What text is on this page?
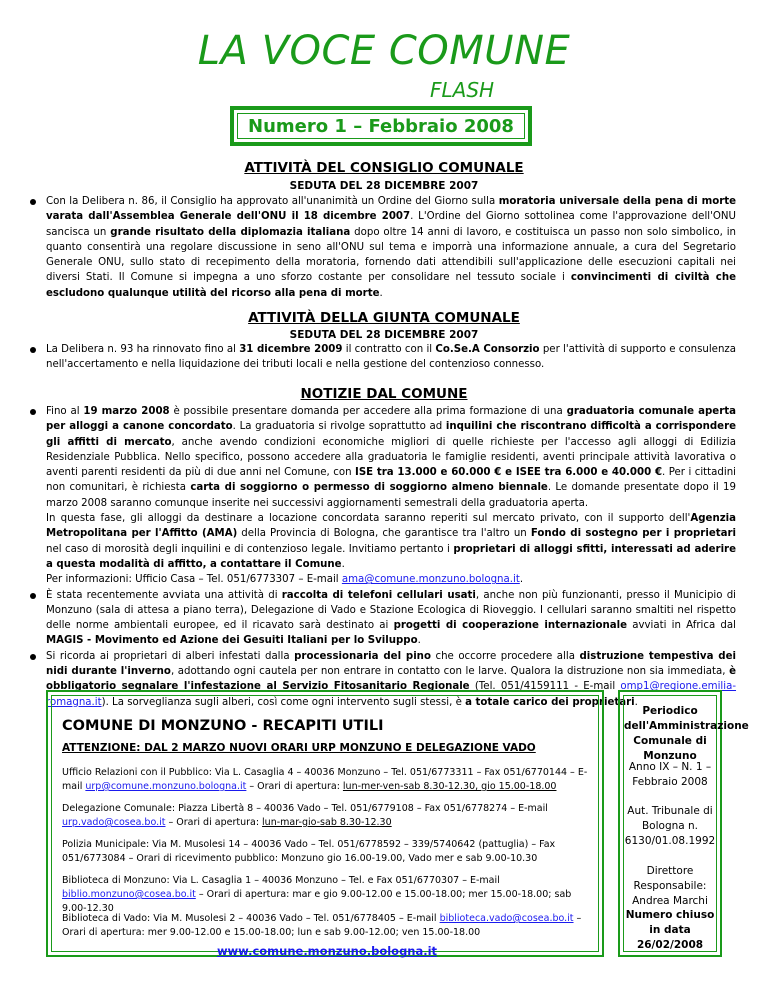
LA VOCE COMUNE
FLASH
Numero 1 – Febbraio 2008
ATTIVITÀ DEL CONSIGLIO COMUNALE
SEDUTA DEL 28 DICEMBRE 2007

Con la Delibera n. 86, il Consiglio ha approvato all'unanimità un Ordine del Giorno sulla moratoria universale della pena di morte varata dall'Assemblea Generale dell'ONU il 18 dicembre 2007. L'Ordine del Giorno sottolinea come l'approvazione dell'ONU sancisca un grande risultato della diplomazia italiana dopo oltre 14 anni di lavoro, e costituisca un passo non solo simbolico, in quanto consentirà una regolare discussione in seno all'ONU sul tema e imporrà una informazione annuale, a cura del Segretario Generale ONU, sullo stato di recepimento della moratoria, fornendo dati attendibili sull'applicazione delle esecuzioni capitali nei diversi Stati. Il Comune si impegna a uno sforzo costante per consolidare nel tessuto sociale i convincimenti di civiltà che escludono qualunque utilità del ricorso alla pena di morte.

ATTIVITÀ DELLA GIUNTA COMUNALE
SEDUTA DEL 28 DICEMBRE 2007

La Delibera n. 93 ha rinnovato fino al 31 dicembre 2009 il contratto con il Co.Se.A Consorzio per l'attività di supporto e consulenza nell'accertamento e nella liquidazione dei tributi locali e nella gestione del contenzioso connesso.

NOTIZIE DAL COMUNE

Fino al 19 marzo 2008 è possibile presentare domanda per accedere alla prima formazione di una graduatoria comunale aperta per alloggi a canone concordato. La graduatoria si rivolge soprattutto ad inquilini che riscontrano difficoltà a corrispondere gli affitti di mercato, anche avendo condizioni economiche migliori di quelle richieste per l'accesso agli alloggi di Edilizia Residenziale Pubblica. Nello specifico, possono accedere alla graduatoria le famiglie residenti, aventi principale attività lavorativa o aventi parenti residenti da più di due anni nel Comune, con ISE tra 13.000 e 60.000 € e ISEE tra 6.000 e 40.000 €. Per i cittadini non comunitari, è richiesta carta di soggiorno o permesso di soggiorno almeno biennale. Le domande presentate dopo il 19 marzo 2008 saranno comunque inserite nei successivi aggiornamenti semestrali della graduatoria aperta.
In questa fase, gli alloggi da destinare a locazione concordata saranno reperiti sul mercato privato, con il supporto dell'Agenzia Metropolitana per l'Affitto (AMA) della Provincia di Bologna, che garantisce tra l'altro un Fondo di sostegno per i proprietari nel caso di morosità degli inquilini e di contenzioso legale. Invitiamo pertanto i proprietari di alloggi sfitti, interessati ad aderire a questa modalità di affitto, a contattare il Comune.
Per informazioni: Ufficio Casa – Tel. 051/6773307 – E-mail ama@comune.monzuno.bologna.it.

È stata recentemente avviata una attività di raccolta di telefoni cellulari usati, anche non più funzionanti, presso il Municipio di Monzuno (sala di attesa a piano terra), Delegazione di Vado e Stazione Ecologica di Rioveggio. I cellulari saranno smaltiti nel rispetto delle norme ambientali europee, ed il ricavato sarà destinato ai progetti di cooperazione internazionale avviati in Africa dal MAGIS - Movimento ed Azione dei Gesuiti Italiani per lo Sviluppo.

Si ricorda ai proprietari di alberi infestati dalla processionaria del pino che occorre procedere alla distruzione tempestiva dei nidi durante l'inverno, adottando ogni cautela per non entrare in contatto con le larve. Qualora la distruzione non sia immediata, è obbligatorio segnalare l'infestazione al Servizio Fitosanitario Regionale (Tel. 051/4159111 - E-mail omp1@regione.emilia-romagna.it). La sorveglianza sugli alberi, così come ogni intervento sugli stessi, è a totale carico dei proprietari.

COMUNE DI MONZUNO - RECAPITI UTILI
ATTENZIONE: DAL 2 MARZO NUOVI ORARI URP MONZUNO E DELEGAZIONE VADO
Ufficio Relazioni con il Pubblico: Via L. Casaglia 4 – 40036 Monzuno – Tel. 051/6773311 – Fax 051/6770144 – E-mail urp@comune.monzuno.bologna.it – Orari di apertura: lun-mer-ven-sab 8.30-12.30, gio 15.00-18.00
Delegazione Comunale: Piazza Libertà 8 – 40036 Vado – Tel. 051/6779108 – Fax 051/6778274 – E-mail urp.vado@cosea.bo.it – Orari di apertura: lun-mar-gio-sab 8.30-12.30
Polizia Municipale: Via M. Musolesi 14 – 40036 Vado – Tel. 051/6778592 – 339/5740642 (pattuglia) – Fax 051/6773084 – Orari di ricevimento pubblico: Monzuno gio 16.00-19.00, Vado mer e sab 9.00-10.30
Biblioteca di Monzuno: Via L. Casaglia 1 – 40036 Monzuno – Tel. e Fax 051/6770307 – E-mail biblio.monzuno@cosea.bo.it – Orari di apertura: mar e gio 9.00-12.00 e 15.00-18.00; mer 15.00-18.00; sab 9.00-12.30
Biblioteca di Vado: Via M. Musolesi 2 – 40036 Vado – Tel. 051/6778405 – E-mail biblioteca.vado@cosea.bo.it – Orari di apertura: mer 9.00-12.00 e 15.00-18.00; lun e sab 9.00-12.00; ven 15.00-18.00
www.comune.monzuno.bologna.it
Periodico dell'Amministrazione Comunale di Monzuno
Anno IX – N. 1 – Febbraio 2008
Aut. Tribunale di Bologna n. 6130/01.08.1992
Direttore Responsabile: Andrea Marchi
Numero chiuso in data 26/02/2008
